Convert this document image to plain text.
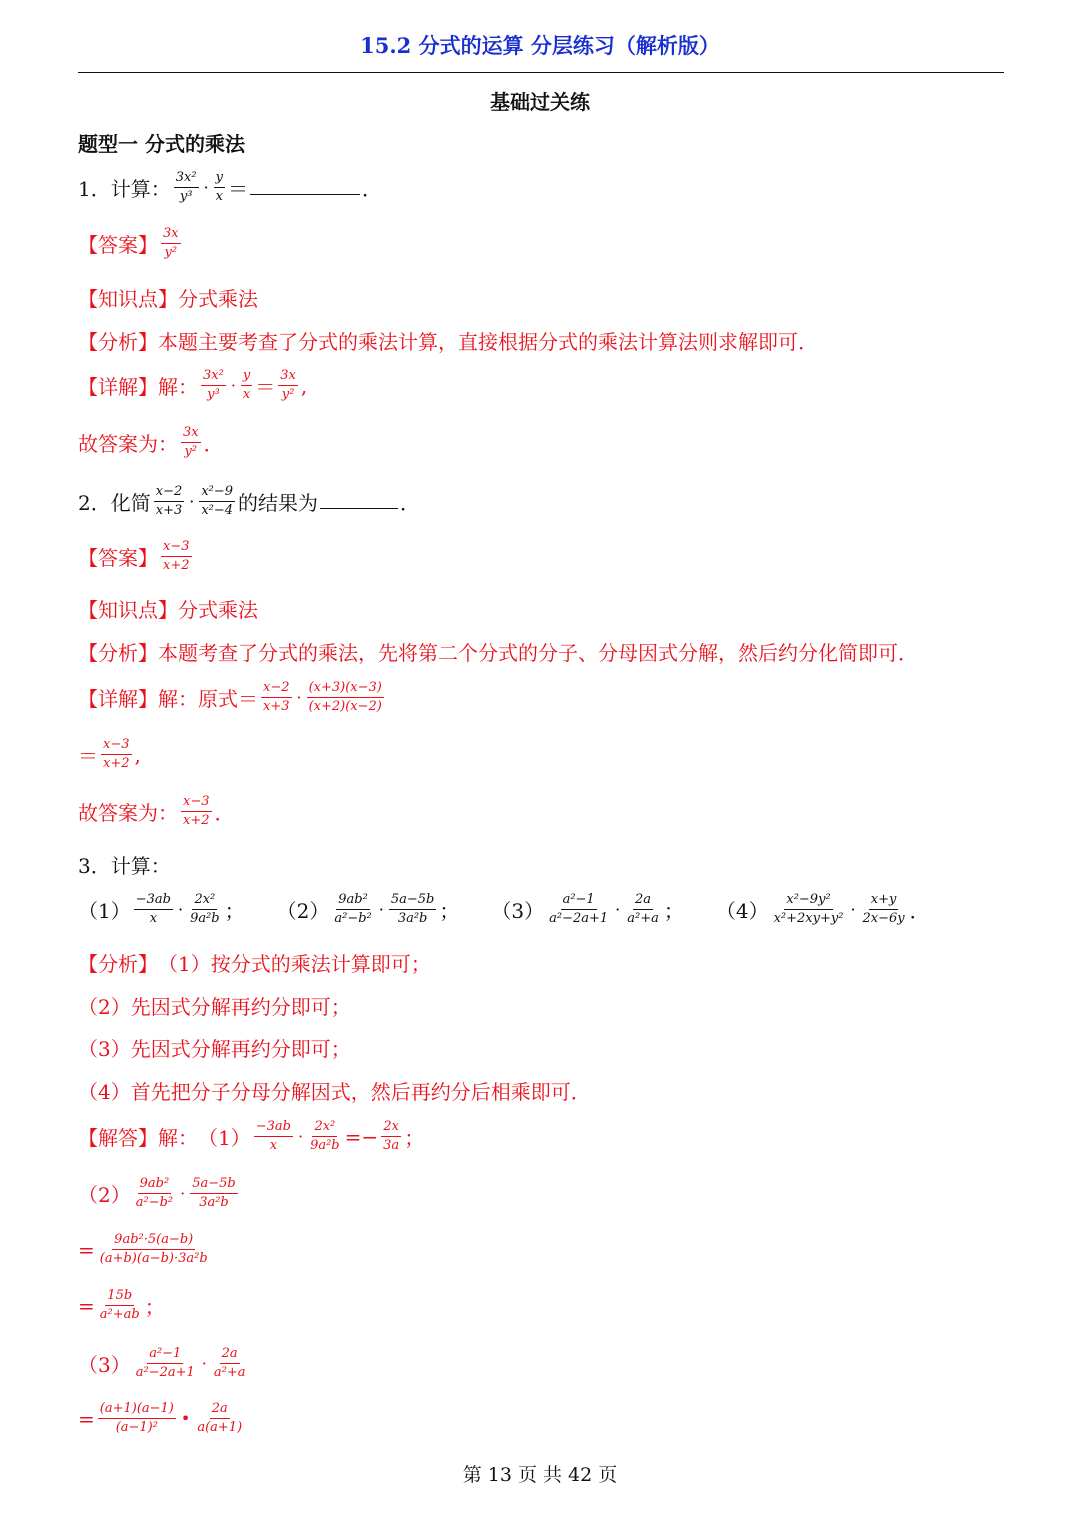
15.2 分式的运算 分层练习（解析版）
基础过关练
题型一 分式的乘法
1．计算： $\frac{\text{3x²}}{\text{y³}} \cdot \frac{y}{x}$ ＝	．
【答案】 $\frac{3x}{\text{y²}}$
【知识点】 分式乘法
【分析】 本题主要考查了分式的乘法计算，直接根据分式的乘法计算法则求解即可．
【详解】 解： $\frac{\text{3x²}}{\text{y³}} \cdot \frac{y}{x} = \frac{3x}{\text{y²}}$ ,
故答案为： $\frac{3x}{\text{y²}}$ ．
2．化简 $\frac{x-2}{x+3} \cdot \frac{\text{x²−9}}{\text{x²−4}}$ 的结果为	．
【答案】 $\frac{x-3}{x+2}$
【知识点】 分式乘法
【分析】 本题考查了分式的乘法，先将第二个分式的分子、分母因式分解，然后约分化简即可．
【详解】 解：原式＝ $\frac{x-2}{x+3} \cdot \frac{(x+3)(x-3)}{(x+2)(x-2)}$
＝ $\frac{x-3}{x+2}$ ,
故答案为： $\frac{x-3}{x+2}$ ．
3．计算：
$(1) \frac{-3ab}{x} \cdot \frac{\text{2x²}}{\text{9a²b}}$ ； $(2) \frac{\text{9ab²}}{\text{a²−b²}} \cdot \frac{5a-5b}{\text{3a²b}}$ ； $(3) \frac{\text{a²−1}}{\text{a²−2a+1}} \cdot \frac{2a}{\text{a²+a}}$ ； $(4) \frac{\text{x²−9y²}}{\text{x²+2xy+y²}} \cdot \frac{x+y}{2x-6y}$ ．
【分析】 （1）按分式的乘法计算即可；
（2）先因式分解再约分即可；
（3）先因式分解再约分即可；
（4）首先把分子分母分解因式，然后再约分后相乘即可．
【解答】 解： $(1) \frac{-3ab}{x} \cdot \frac{\text{2x²}}{\text{9a²b}} =- \frac{2x}{3a}$ ；
$(2) \frac{\text{9ab²}}{\text{a²−b²}} \cdot \frac{5a-5b}{\text{3a²b}}$
= $\frac{\text{9ab²·5(a−b)}}{\text{(a+b)(a−b)·3a²b}}$
= $\frac{15b}{\text{a²+ab}}$ ；
$(3) \frac{\text{a²−1}}{\text{a²−2a+1}} \cdot \frac{2a}{\text{a²+a}}$
= $\frac{(a+1)(a-1)}{\text{(a−1)²}}$ • $\frac{2a}{a(a+1)}$
第 13 页 共 42 页
